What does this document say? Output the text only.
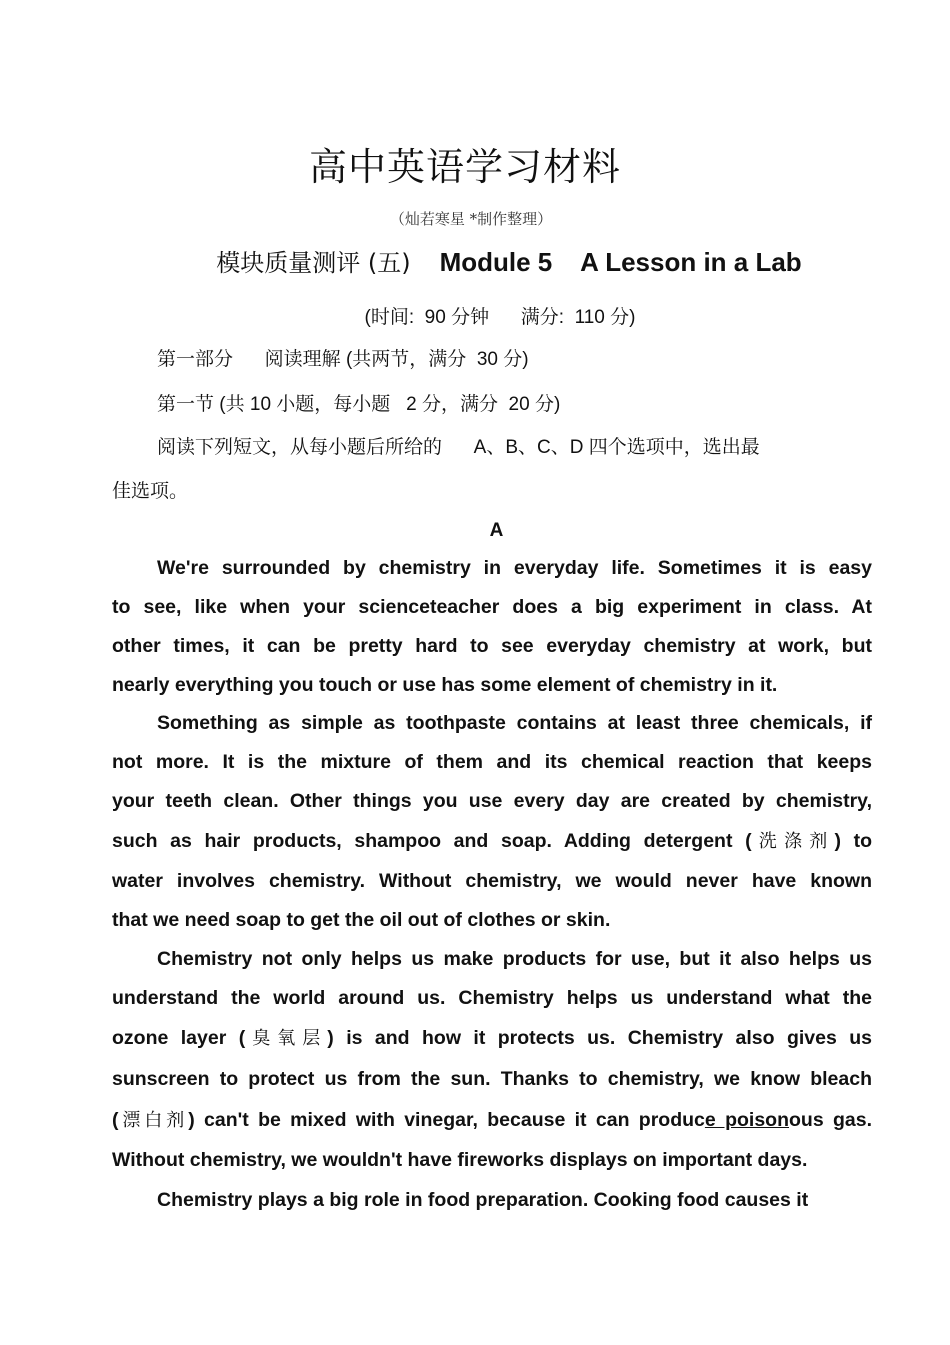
高中英语学习材料
（灿若寒星 *制作整理）
模块质量测评 (五) Module 5    A Lesson in a Lab
(时间:  90 分钟      满分:  110 分)
第一部分      阅读理解 (共两节，满分  30 分)
第一节 (共 10 小题，每小题   2 分，满分  20 分)
阅读下列短文，从每小题后所给的      A、B、C、D 四个选项中，选出最
佳选项。
A
We're surrounded by chemistry in everyday life. Sometimes it is easy
to see, like when your scienceteacher does a big experiment in class. At
other times, it can be pretty hard to see everyday chemistry at work, but
nearly everything you touch or use has some element of chemistry in it.
Something as simple as toothpaste contains at least three chemicals, if
not more. It is the mixture of them and its chemical reaction that keeps
your teeth clean. Other things you use every day are created by chemistry,
such as hair products, shampoo and soap. Adding detergent (洗涤剂) to
water involves chemistry. Without chemistry, we would never have known
that we need soap to get the oil out of clothes or skin.
Chemistry not only helps us make products for use, but it also helps us
understand the world around us. Chemistry helps us understand what the
ozone layer (臭氧层) is and how it protects us. Chemistry also gives us
sunscreen to protect us from the sun. Thanks to chemistry, we know bleach
(漂白剂) can't be mixed with vinegar, because it can produce poisonous gas.
Without chemistry, we wouldn't have fireworks displays on important days.
Chemistry plays a big role in food preparation. Cooking food causes it
